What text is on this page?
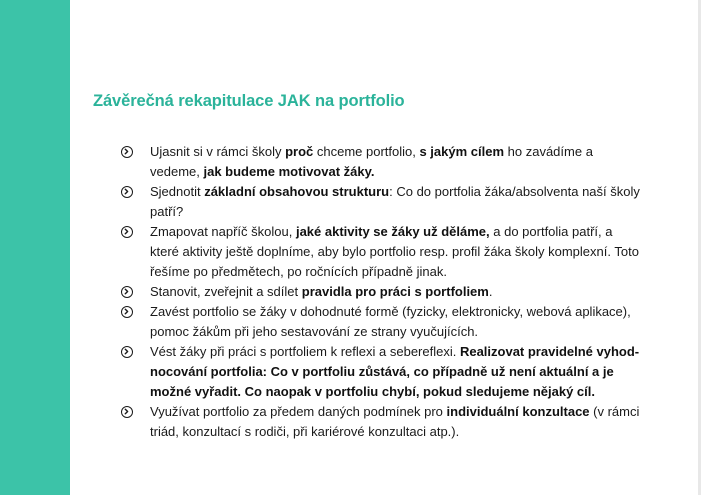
Závěrečná rekapitulace JAK na portfolio
Ujasnit si v rámci školy proč chceme portfolio, s jakým cílem ho zavádíme a vedeme, jak budeme motivovat žáky.
Sjednotit základní obsahovou strukturu: Co do portfolia žáka/absolventa naší školy patří?
Zmapovat napříč školou, jaké aktivity se žáky už děláme, a do portfolia patří, a které aktivity ještě doplníme, aby bylo portfolio resp. profil žáka školy komplexní. Toto řešíme po předmětech, po ročnících případně jinak.
Stanovit, zveřejnit a sdílet pravidla pro práci s portfoliem.
Zavést portfolio se žáky v dohodnuté formě (fyzicky, elektronicky, webová aplikace), pomoc žákům při jeho sestavování ze strany vyučujících.
Vést žáky při práci s portfoliem k reflexi a sebereflexi. Realizovat pravidelné vyhodnocování portfolia: Co v portfoliu zůstává, co případně už není aktuální a je možné vyřadit. Co naopak v portfoliu chybí, pokud sledujeme nějaký cíl.
Využívat portfolio za předem daných podmínek pro individuální konzultace (v rámci triád, konzultací s rodiči, při kariérové konzultaci atp.).
